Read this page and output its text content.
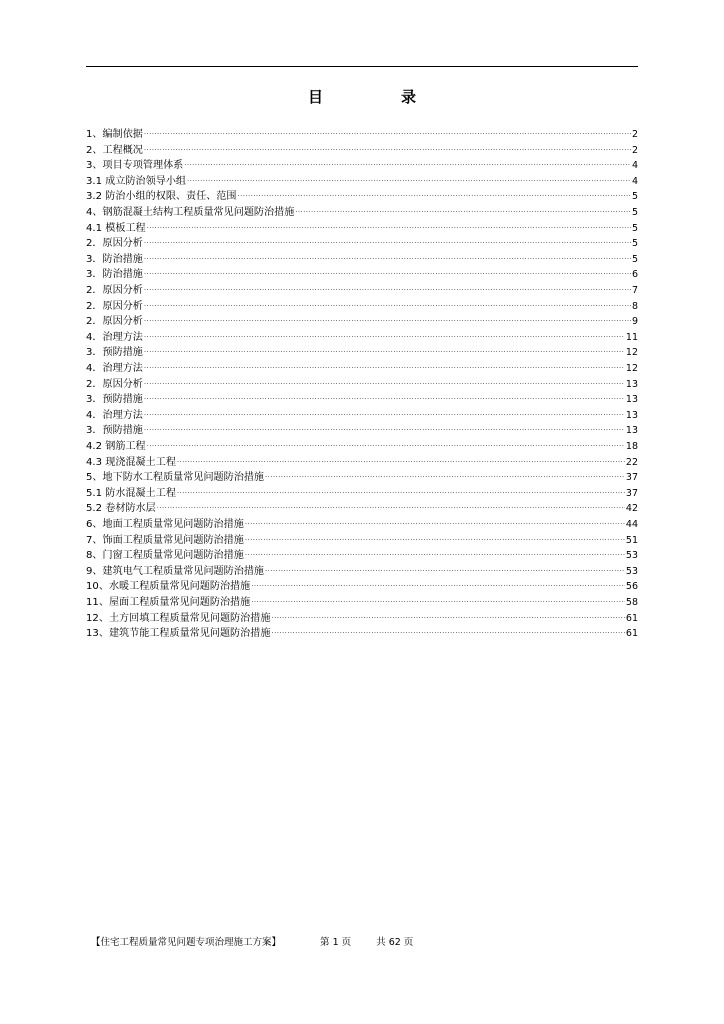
目	录
1、编制依据 .....	2
2、工程概况 .....	2
3、项目专项管理体系 .....	4
3.1 成立防治领导小组 .....	4
3.2 防治小组的权限、责任、范围 .....	5
4、钢筋混凝土结构工程质量常见问题防治措施 .....	5
4.1 模板工程 .....	5
2．原因分析 .....	5
3．防治措施 .....	5
3．防治措施 .....	6
2．原因分析 .....	7
2．原因分析 .....	8
2．原因分析 .....	9
4．治理方法 .....	11
3．预防措施 .....	12
4．治理方法 .....	12
2．原因分析 .....	13
3．预防措施 .....	13
4．治理方法 .....	13
3．预防措施 .....	13
4.2 钢筋工程 .....	18
4.3 现浇混凝土工程 .....	22
5、地下防水工程质量常见问题防治措施 .....	37
5.1 防水混凝土工程 .....	37
5.2 卷材防水层 .....	42
6、地面工程质量常见问题防治措施 .....	44
7、饰面工程质量常见问题防治措施 .....	51
8、门窗工程质量常见问题防治措施 .....	53
9、建筑电气工程质量常见问题防治措施 .....	53
10、水暖工程质量常见问题防治措施 .....	56
11、屋面工程质量常见问题防治措施 .....	58
12、土方回填工程质量常见问题防治措施 .....	61
13、建筑节能工程质量常见问题防治措施 .....	61
【住宅工程质量常见问题专项治理施工方案】	第 1 页	共 62 页
